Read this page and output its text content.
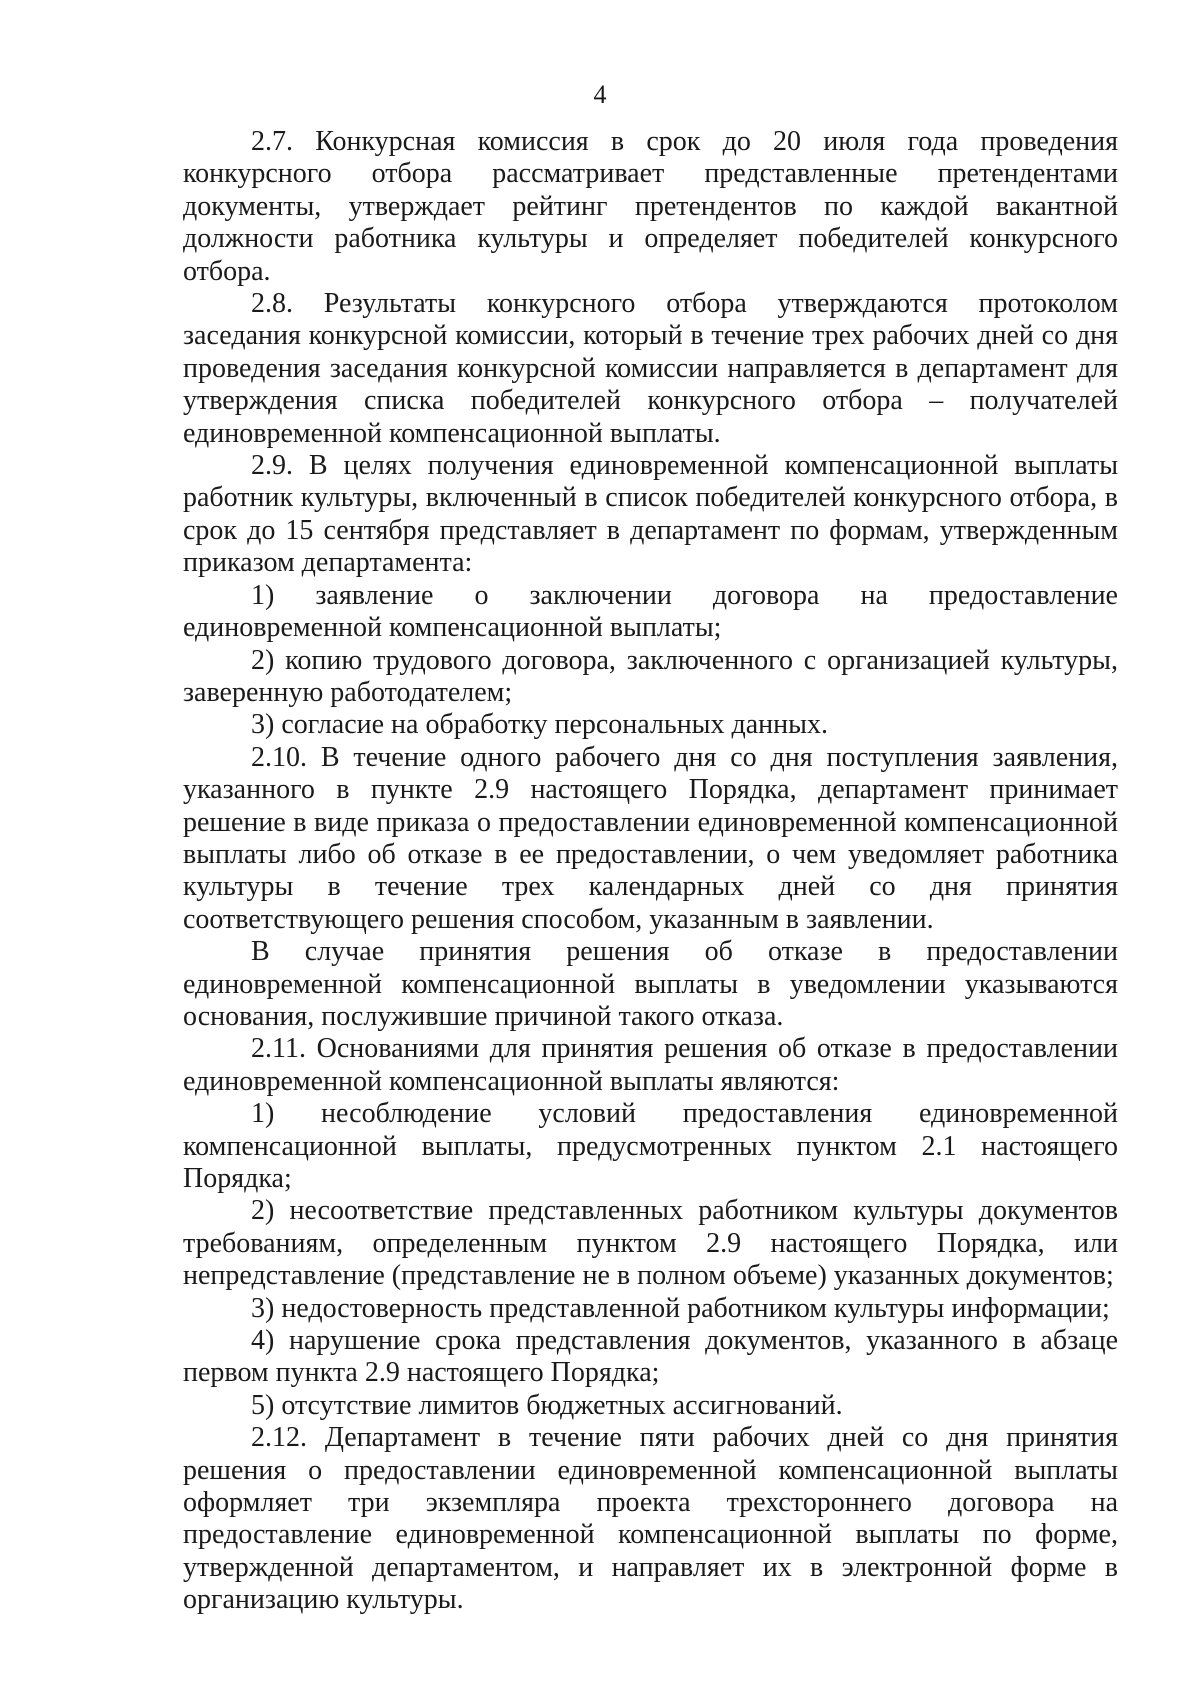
4

2.7. Конкурсная комиссия в срок до 20 июля года проведения конкурсного отбора рассматривает представленные претендентами документы, утверждает рейтинг претендентов по каждой вакантной должности работника культуры и определяет победителей конкурсного отбора.

2.8. Результаты конкурсного отбора утверждаются протоколом заседания конкурсной комиссии, который в течение трех рабочих дней со дня проведения заседания конкурсной комиссии направляется в департамент для утверждения списка победителей конкурсного отбора – получателей единовременной компенсационной выплаты.

2.9. В целях получения единовременной компенсационной выплаты работник культуры, включенный в список победителей конкурсного отбора, в срок до 15 сентября представляет в департамент по формам, утвержденным приказом департамента:

1) заявление о заключении договора на предоставление единовременной компенсационной выплаты;

2) копию трудового договора, заключенного с организацией культуры, заверенную работодателем;

3) согласие на обработку персональных данных.

2.10. В течение одного рабочего дня со дня поступления заявления, указанного в пункте 2.9 настоящего Порядка, департамент принимает решение в виде приказа о предоставлении единовременной компенсационной выплаты либо об отказе в ее предоставлении, о чем уведомляет работника культуры в течение трех календарных дней со дня принятия соответствующего решения способом, указанным в заявлении.

В случае принятия решения об отказе в предоставлении единовременной компенсационной выплаты в уведомлении указываются основания, послужившие причиной такого отказа.

2.11. Основаниями для принятия решения об отказе в предоставлении единовременной компенсационной выплаты являются:

1) несоблюдение условий предоставления единовременной компенсационной выплаты, предусмотренных пунктом 2.1 настоящего Порядка;

2) несоответствие представленных работником культуры документов требованиям, определенным пунктом 2.9 настоящего Порядка, или непредставление (представление не в полном объеме) указанных документов;

3) недостоверность представленной работником культуры информации;

4) нарушение срока представления документов, указанного в абзаце первом пункта 2.9 настоящего Порядка;

5) отсутствие лимитов бюджетных ассигнований.

2.12. Департамент в течение пяти рабочих дней со дня принятия решения о предоставлении единовременной компенсационной выплаты оформляет три экземпляра проекта трехстороннего договора на предоставление единовременной компенсационной выплаты по форме, утвержденной департаментом, и направляет их в электронной форме в организацию культуры.
